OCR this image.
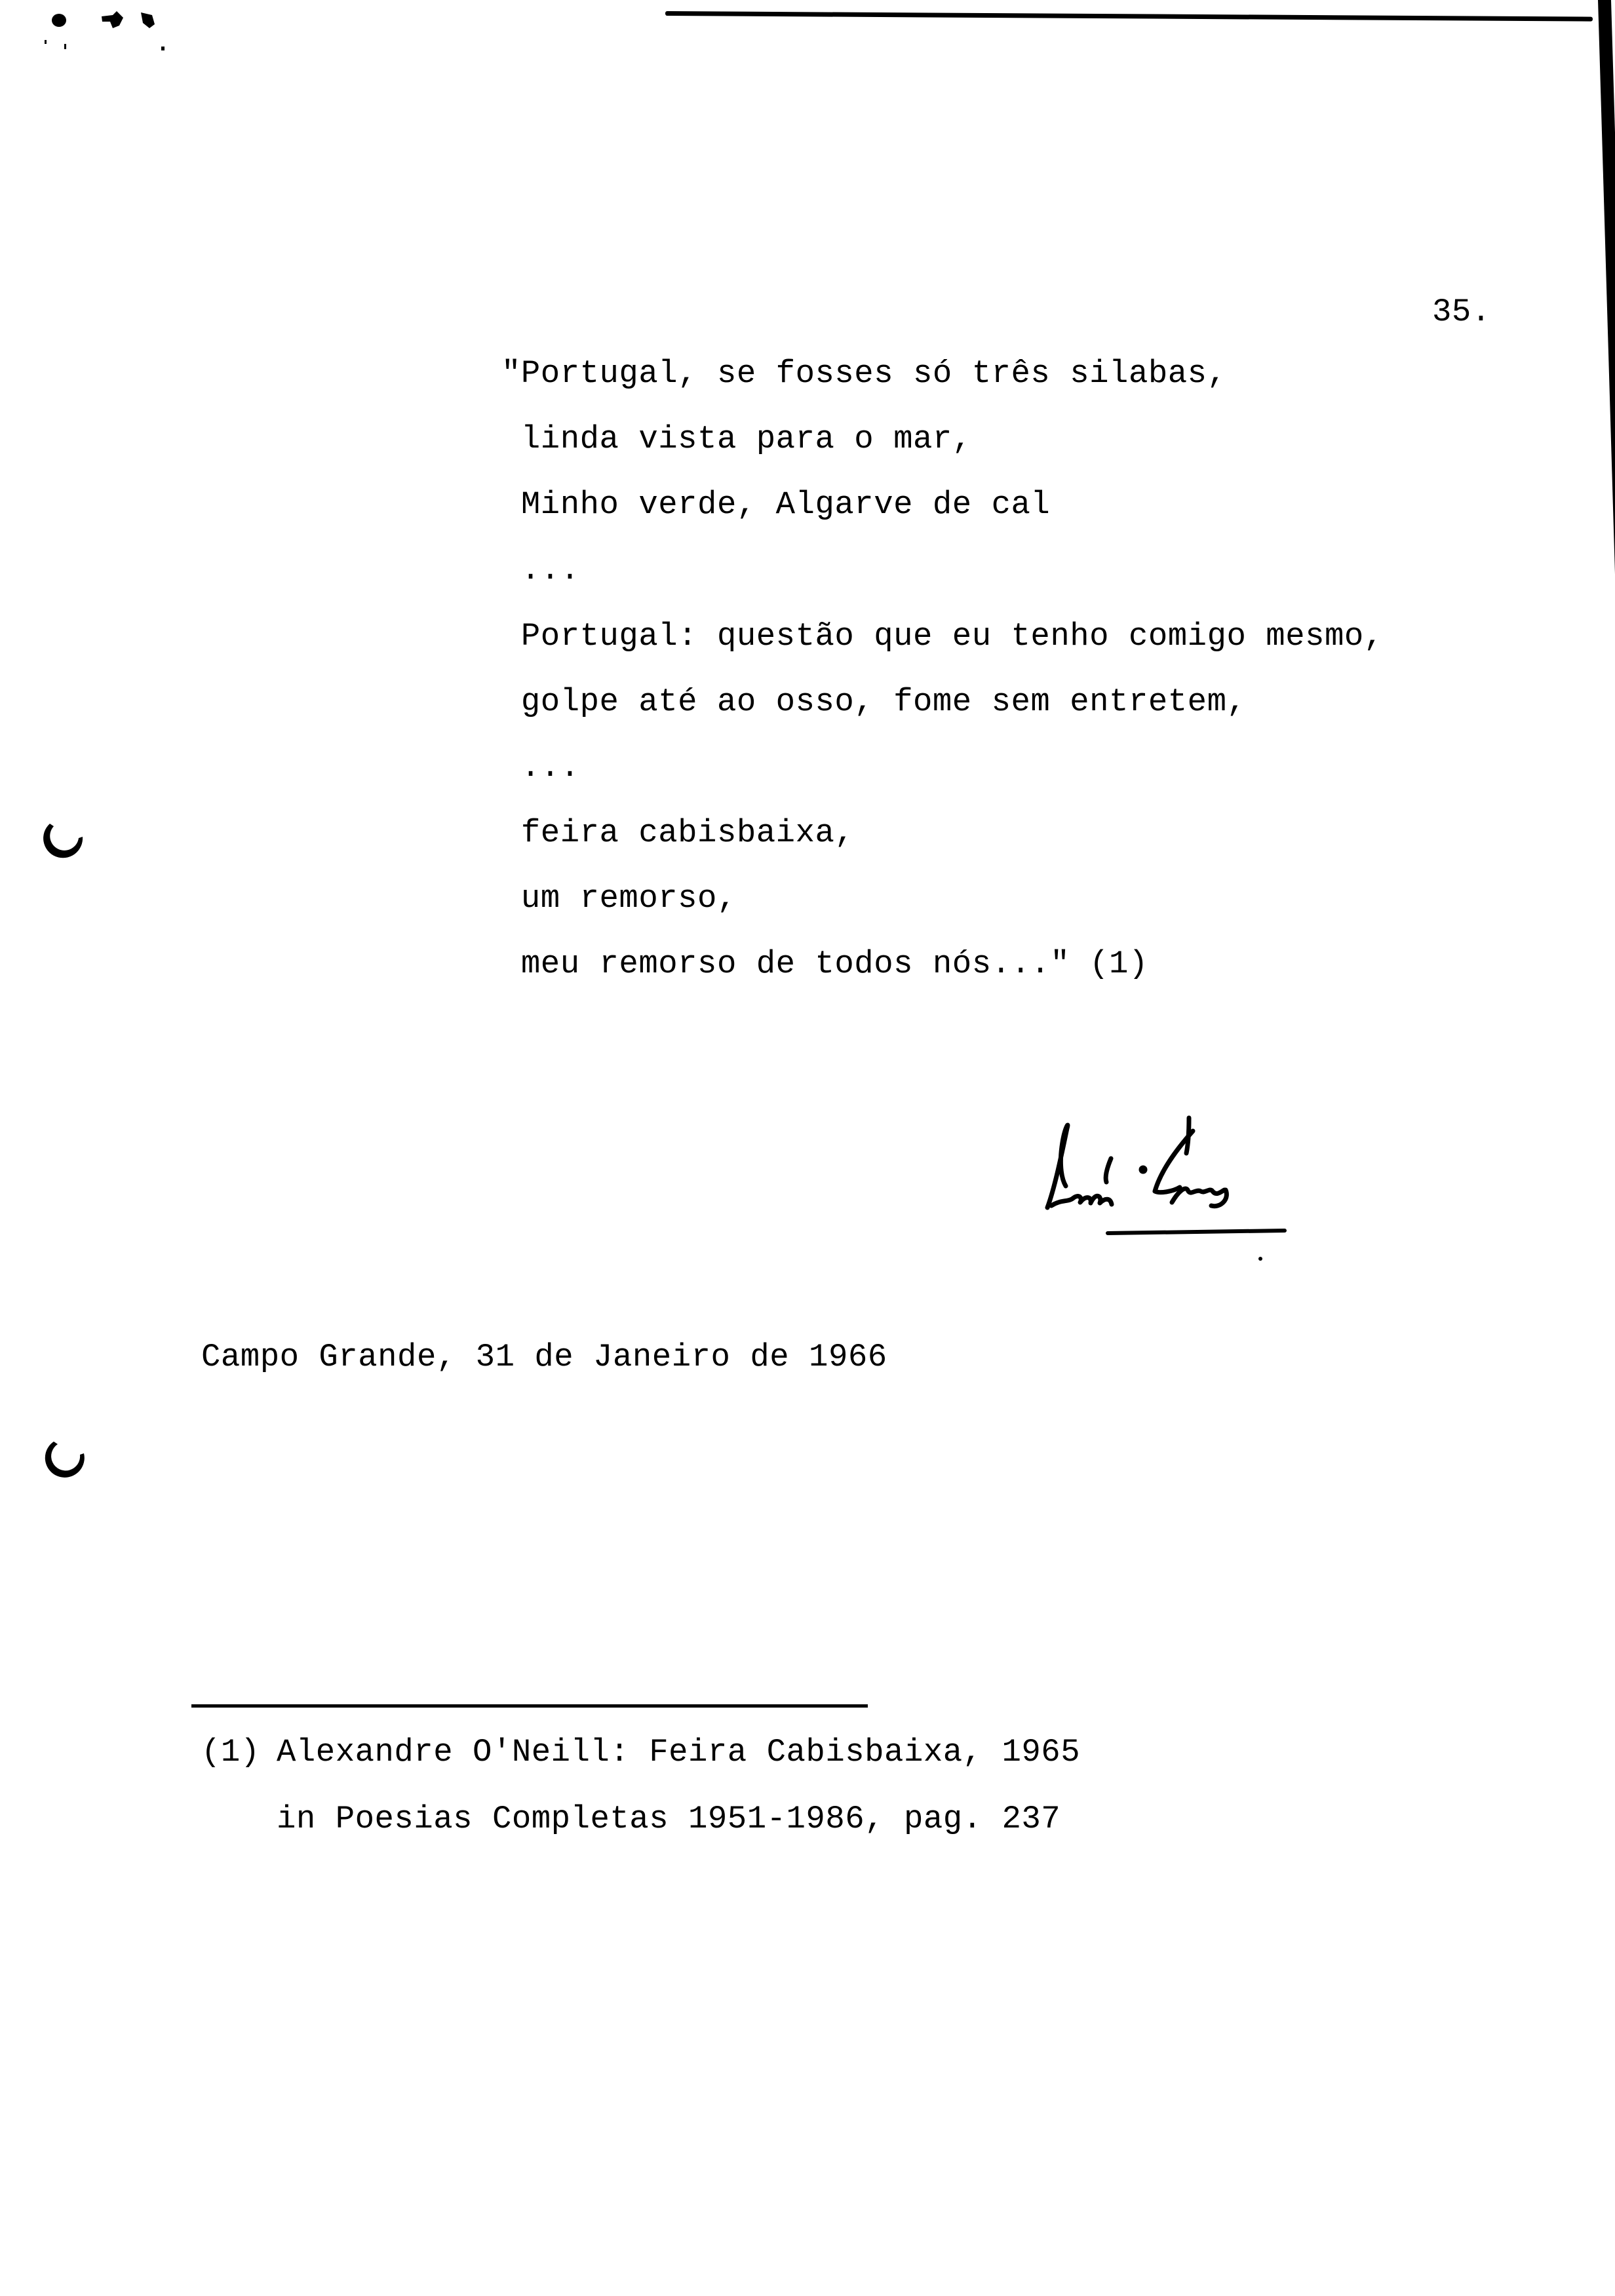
35.
"Portugal, se fosses só três silabas,
linda vista para o mar,
Minho verde, Algarve de cal
...
Portugal: questão que eu tenho comigo mesmo,
golpe até ao osso, fome sem entretem,
...
feira cabisbaixa,
um remorso,
meu remorso de todos nós..." (1)
Campo Grande, 31 de Janeiro de 1966
(1) Alexandre O'Neill: Feira Cabisbaixa, 1965
in Poesias Completas 1951-1986, pag. 237
